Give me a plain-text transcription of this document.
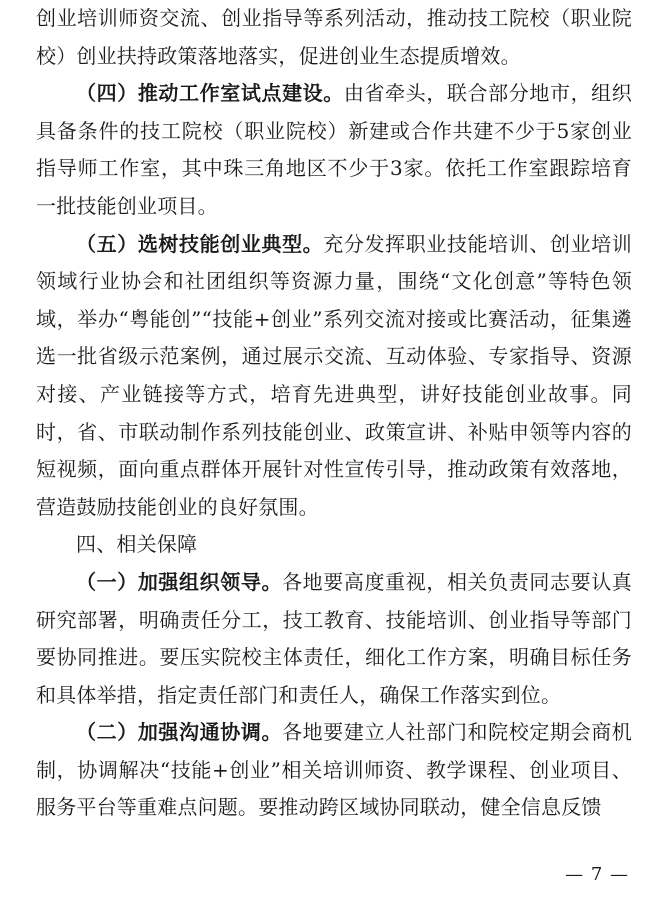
创业培训师资交流、创业指导等系列活动，推动技工院校（职业院校）创业扶持政策落地落实，促进创业生态提质增效。

（四）推动工作室试点建设。由省牵头，联合部分地市，组织具备条件的技工院校（职业院校）新建或合作共建不少于5家创业指导师工作室，其中珠三角地区不少于3家。依托工作室跟踪培育一批技能创业项目。

（五）选树技能创业典型。充分发挥职业技能培训、创业培训领域行业协会和社团组织等资源力量，围绕“文化创意”等特色领域，举办“粤能创”“技能+创业”系列交流对接或比赛活动，征集遴选一批省级示范案例，通过展示交流、互动体验、专家指导、资源对接、产业链接等方式，培育先进典型，讲好技能创业故事。同时，省、市联动制作系列技能创业、政策宣讲、补贴申领等内容的短视频，面向重点群体开展针对性宣传引导，推动政策有效落地，营造鼓励技能创业的良好氛围。

四、相关保障

（一）加强组织领导。各地要高度重视，相关负责同志要认真研究部署，明确责任分工，技工教育、技能培训、创业指导等部门要协同推进。要压实院校主体责任，细化工作方案，明确目标任务和具体举措，指定责任部门和责任人，确保工作落实到位。

（二）加强沟通协调。各地要建立人社部门和院校定期会商机制，协调解决“技能+创业”相关培训师资、教学课程、创业项目、服务平台等重难点问题。要推动跨区域协同联动，健全信息反馈

— 7 —
